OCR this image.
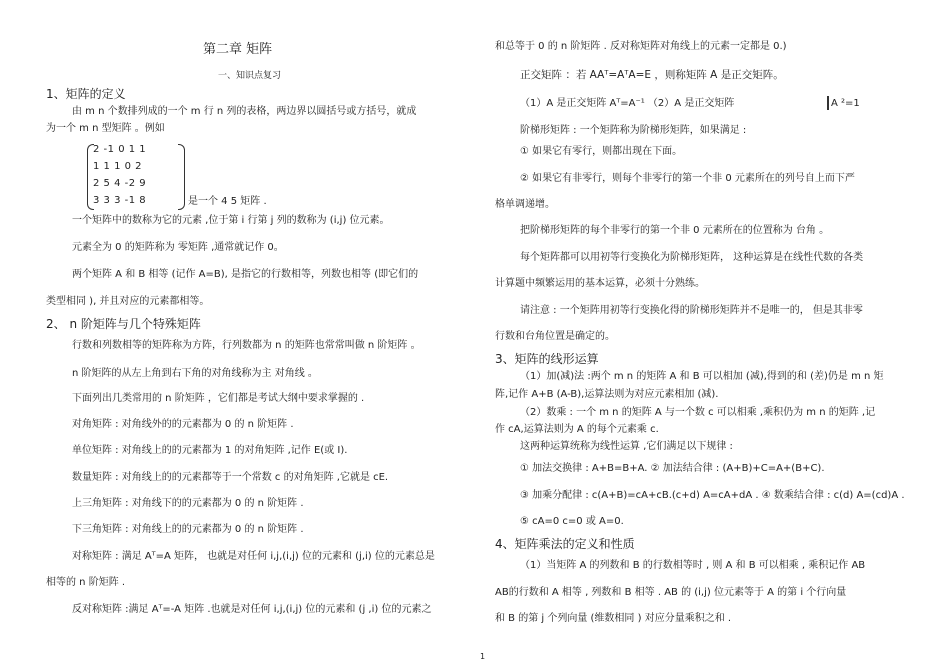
第二章 矩阵
一、知识点复习
1、矩阵的定义
由 m n 个数排列成的一个 m 行 n 列的表格，两边界以圆括号或方括号，就成
为一个 m n 型矩阵 。例如
2 -1 0 1 1
1 1 1 0 2
2 5 4 -2 9
3 3 3 -1 8	是一个 4 5 矩阵 .
一个矩阵中的数称为它的元素 ,位于第 i 行第 j 列的数称为 (i,j) 位元素。
元素全为 0 的矩阵称为 零矩阵 ,通常就记作 0。
两个矩阵 A 和 B 相等 (记作 A=B), 是指它的行数相等，列数也相等 (即它们的
类型相同 ), 并且对应的元素都相等。
2、 n 阶矩阵与几个特殊矩阵
行数和列数相等的矩阵称为方阵，行列数都为 n 的矩阵也常常叫做 n 阶矩阵 。
n 阶矩阵的从左上角到右下角的对角线称为主 对角线 。
下面列出几类常用的 n 阶矩阵 ，它们都是考试大纲中要求掌握的 .
对角矩阵 : 对角线外的的元素都为 0 的 n 阶矩阵 .
单位矩阵 : 对角线上的的元素都为 1 的对角矩阵 ,记作 E(或 I).
数量矩阵 : 对角线上的的元素都等于一个常数 c 的对角矩阵 ,它就是 cE.
上三角矩阵 : 对角线下的的元素都为 0 的 n 阶矩阵 .
下三角矩阵 : 对角线上的的元素都为 0 的 n 阶矩阵 .
对称矩阵 : 满足 Aᵀ=A 矩阵， 也就是对任何 i,j,(i,j) 位的元素和 (j,i) 位的元素总是
相等的 n 阶矩阵 .
反对称矩阵 :满足 Aᵀ=-A 矩阵 .也就是对任何 i,j,(i,j) 位的元素和 (j ,i) 位的元素之
和总等于 0 的 n 阶矩阵 . 反对称矩阵对角线上的元素一定都是 0.)
正交矩阵 ：若 AAᵀ=AᵀA=E ，则称矩阵 A 是正交矩阵。
（1）A 是正交矩阵 Aᵀ=A⁻¹ （2）A 是正交矩阵	A ²=1
阶梯形矩阵 : 一个矩阵称为阶梯形矩阵，如果满足 :
① 如果它有零行，则都出现在下面。
② 如果它有非零行，则每个非零行的第一个非 0 元素所在的列号自上而下严
格单调递增。
把阶梯形矩阵的每个非零行的第一个非 0 元素所在的位置称为 台角 。
每个矩阵都可以用初等行变换化为阶梯形矩阵， 这种运算是在线性代数的各类
计算题中频繁运用的基本运算，必须十分熟练。
请注意 : 一个矩阵用初等行变换化得的阶梯形矩阵并不是唯一的， 但是其非零
行数和台角位置是确定的。
3、矩阵的线形运算
（1）加(减)法 :两个 m n 的矩阵 A 和 B 可以相加 (减),得到的和 (差)仍是 m n 矩
阵,记作 A+B (A-B),运算法则为对应元素相加 (减).
（2）数乘 : 一个 m n 的矩阵 A 与一个数 c 可以相乘 ,乘积仍为 m n 的矩阵 ,记
作 cA,运算法则为 A 的每个元素乘 c.
这两种运算统称为线性运算 ,它们满足以下规律 :
① 加法交换律 : A+B=B+A. ② 加法结合律 : (A+B)+C=A+(B+C).
③ 加乘分配律 : c(A+B)=cA+cB.(c+d) A=cA+dA . ④ 数乘结合律 : c(d) A=(cd)A .
⑤ cA=0 c=0 或 A=0.
4、矩阵乘法的定义和性质
（1）当矩阵 A 的列数和 B 的行数相等时 , 则 A 和 B 可以相乘 , 乘积记作 AB
AB的行数和 A 相等 , 列数和 B 相等 . AB 的 (i,j) 位元素等于 A 的第 i 个行向量
和 B 的第 j 个列向量 (维数相同 ) 对应分量乘积之和 .
1
